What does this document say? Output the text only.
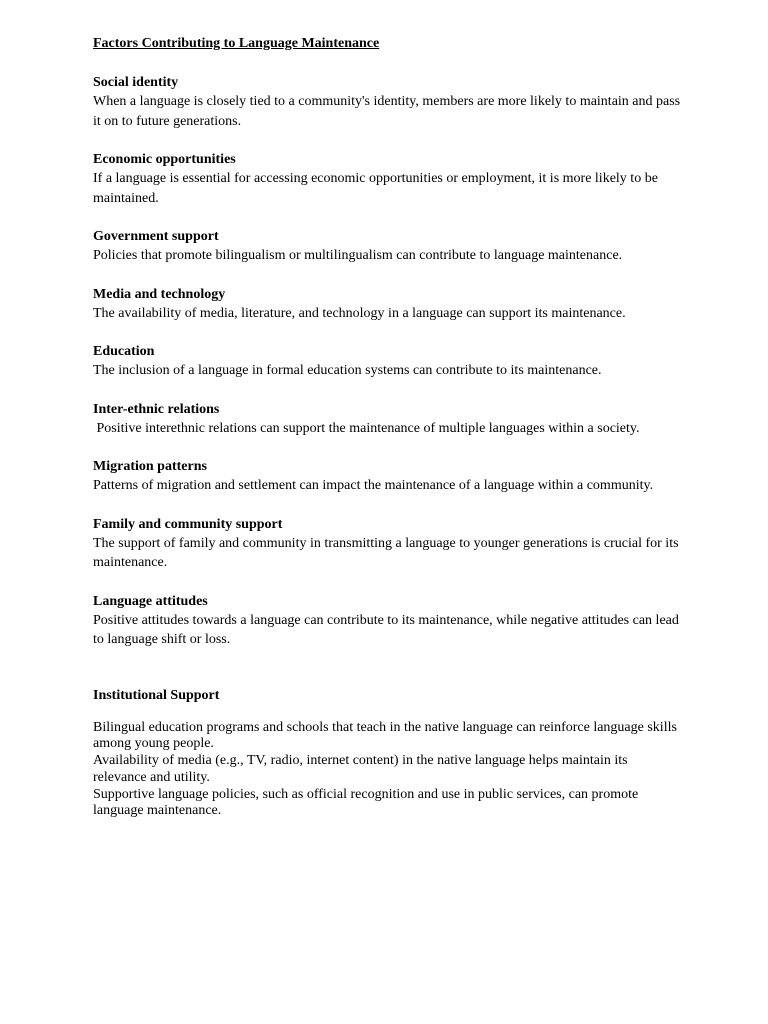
Factors Contributing to Language Maintenance
Social identity
When a language is closely tied to a community's identity, members are more likely to maintain and pass it on to future generations.
Economic opportunities
If a language is essential for accessing economic opportunities or employment, it is more likely to be maintained.
Government support
Policies that promote bilingualism or multilingualism can contribute to language maintenance.
Media and technology
The availability of media, literature, and technology in a language can support its maintenance.
Education
The inclusion of a language in formal education systems can contribute to its maintenance.
Inter-ethnic relations
Positive interethnic relations can support the maintenance of multiple languages within a society.
Migration patterns
Patterns of migration and settlement can impact the maintenance of a language within a community.
Family and community support
The support of family and community in transmitting a language to younger generations is crucial for its maintenance.
Language attitudes
Positive attitudes towards a language can contribute to its maintenance, while negative attitudes can lead to language shift or loss.
Institutional Support
Bilingual education programs and schools that teach in the native language can reinforce language skills among young people.
Availability of media (e.g., TV, radio, internet content) in the native language helps maintain its relevance and utility.
Supportive language policies, such as official recognition and use in public services, can promote language maintenance.
